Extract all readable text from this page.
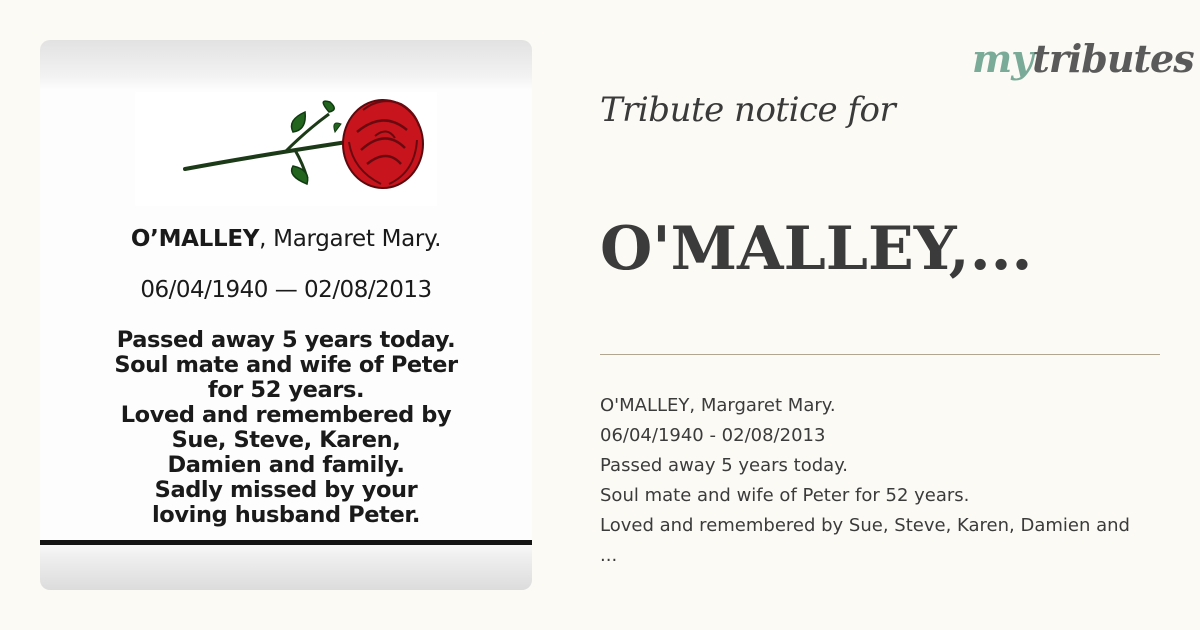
O’MALLEY, Margaret Mary.
06/04/1940 — 02/08/2013
Passed away 5 years today.
Soul mate and wife of Peter
for 52 years.
Loved and remembered by
Sue, Steve, Karen,
Damien and family.
Sadly missed by your
loving husband Peter.
mytributes
Tribute notice for
O'MALLEY,...
O'MALLEY, Margaret Mary.
06/04/1940 - 02/08/2013
Passed away 5 years today.
Soul mate and wife of Peter for 52 years.
Loved and remembered by Sue, Steve, Karen, Damien and
...
